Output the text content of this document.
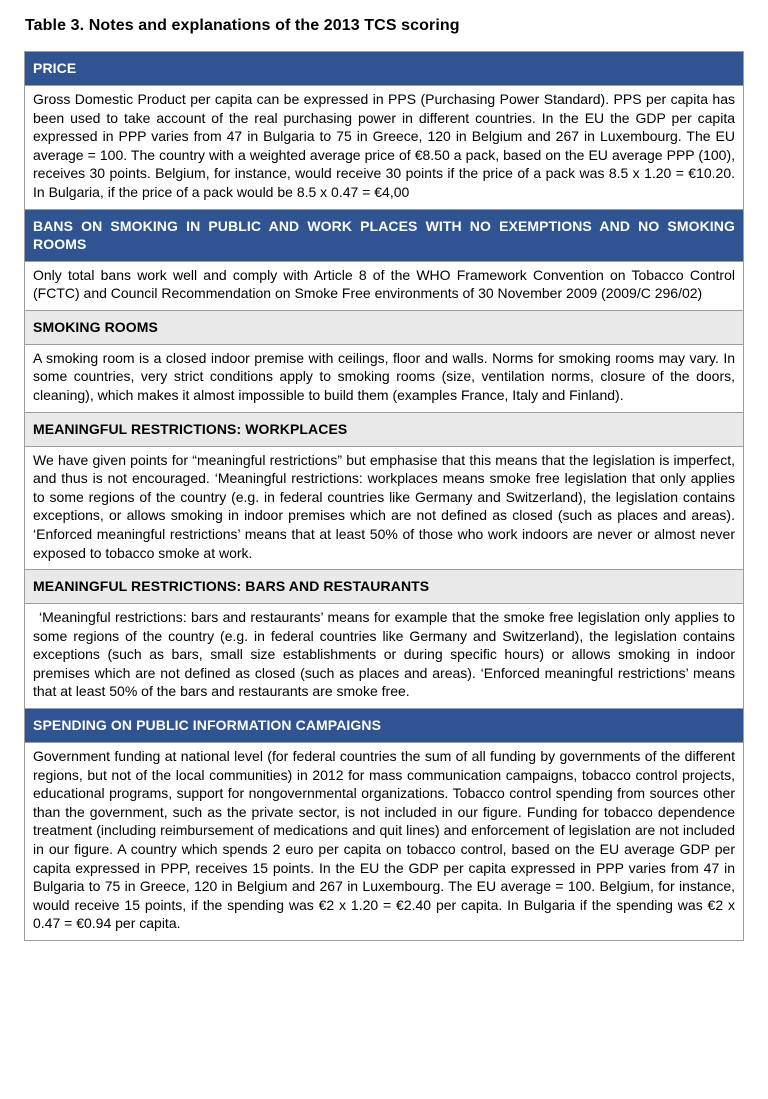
Table 3. Notes and explanations of the 2013 TCS scoring
PRICE
Gross Domestic Product per capita can be expressed in PPS (Purchasing Power Standard). PPS per capita has been used to take account of the real purchasing power in different countries. In the EU the GDP per capita expressed in PPP varies from 47 in Bulgaria to 75 in Greece, 120 in Belgium and 267 in Luxembourg. The EU average = 100. The country with a weighted average price of €8.50 a pack, based on the EU average PPP (100), receives 30 points. Belgium, for instance, would receive 30 points if the price of a pack was 8.5 x 1.20 = €10.20. In Bulgaria, if the price of a pack would be 8.5 x 0.47 = €4,00
BANS ON SMOKING IN PUBLIC AND WORK PLACES WITH NO EXEMPTIONS AND NO SMOKING ROOMS
Only total bans work well and comply with Article 8 of the WHO Framework Convention on Tobacco Control (FCTC) and Council Recommendation on Smoke Free environments of 30 November 2009 (2009/C 296/02)
SMOKING ROOMS
A smoking room is a closed indoor premise with ceilings, floor and walls. Norms for smoking rooms may vary. In some countries, very strict conditions apply to smoking rooms (size, ventilation norms, closure of the doors, cleaning), which makes it almost impossible to build them (examples France, Italy and Finland).
MEANINGFUL RESTRICTIONS: WORKPLACES
We have given points for “meaningful restrictions” but emphasise that this means that the legislation is imperfect, and thus is not encouraged. ‘Meaningful restrictions: workplaces means smoke free legislation that only applies to some regions of the country (e.g. in federal countries like Germany and Switzerland), the legislation contains exceptions, or allows smoking in indoor premises which are not defined as closed (such as places and areas). ‘Enforced meaningful restrictions’ means that at least 50% of those who work indoors are never or almost never exposed to tobacco smoke at work.
MEANINGFUL RESTRICTIONS: BARS AND RESTAURANTS
‘Meaningful restrictions: bars and restaurants’ means for example that the smoke free legislation only applies to some regions of the country (e.g. in federal countries like Germany and Switzerland), the legislation contains exceptions (such as bars, small size establishments or during specific hours) or allows smoking in indoor premises which are not defined as closed (such as places and areas). ‘Enforced meaningful restrictions’ means that at least 50% of the bars and restaurants are smoke free.
SPENDING ON PUBLIC INFORMATION CAMPAIGNS
Government funding at national level (for federal countries the sum of all funding by governments of the different regions, but not of the local communities) in 2012 for mass communication campaigns, tobacco control projects, educational programs, support for nongovernmental organizations. Tobacco control spending from sources other than the government, such as the private sector, is not included in our figure. Funding for tobacco dependence treatment (including reimbursement of medications and quit lines) and enforcement of legislation are not included in our figure. A country which spends 2 euro per capita on tobacco control, based on the EU average GDP per capita expressed in PPP, receives 15 points. In the EU the GDP per capita expressed in PPP varies from 47 in Bulgaria to 75 in Greece, 120 in Belgium and 267 in Luxembourg. The EU average = 100. Belgium, for instance, would receive 15 points, if the spending was €2 x 1.20 = €2.40 per capita. In Bulgaria if the spending was €2 x 0.47 = €0.94 per capita.
